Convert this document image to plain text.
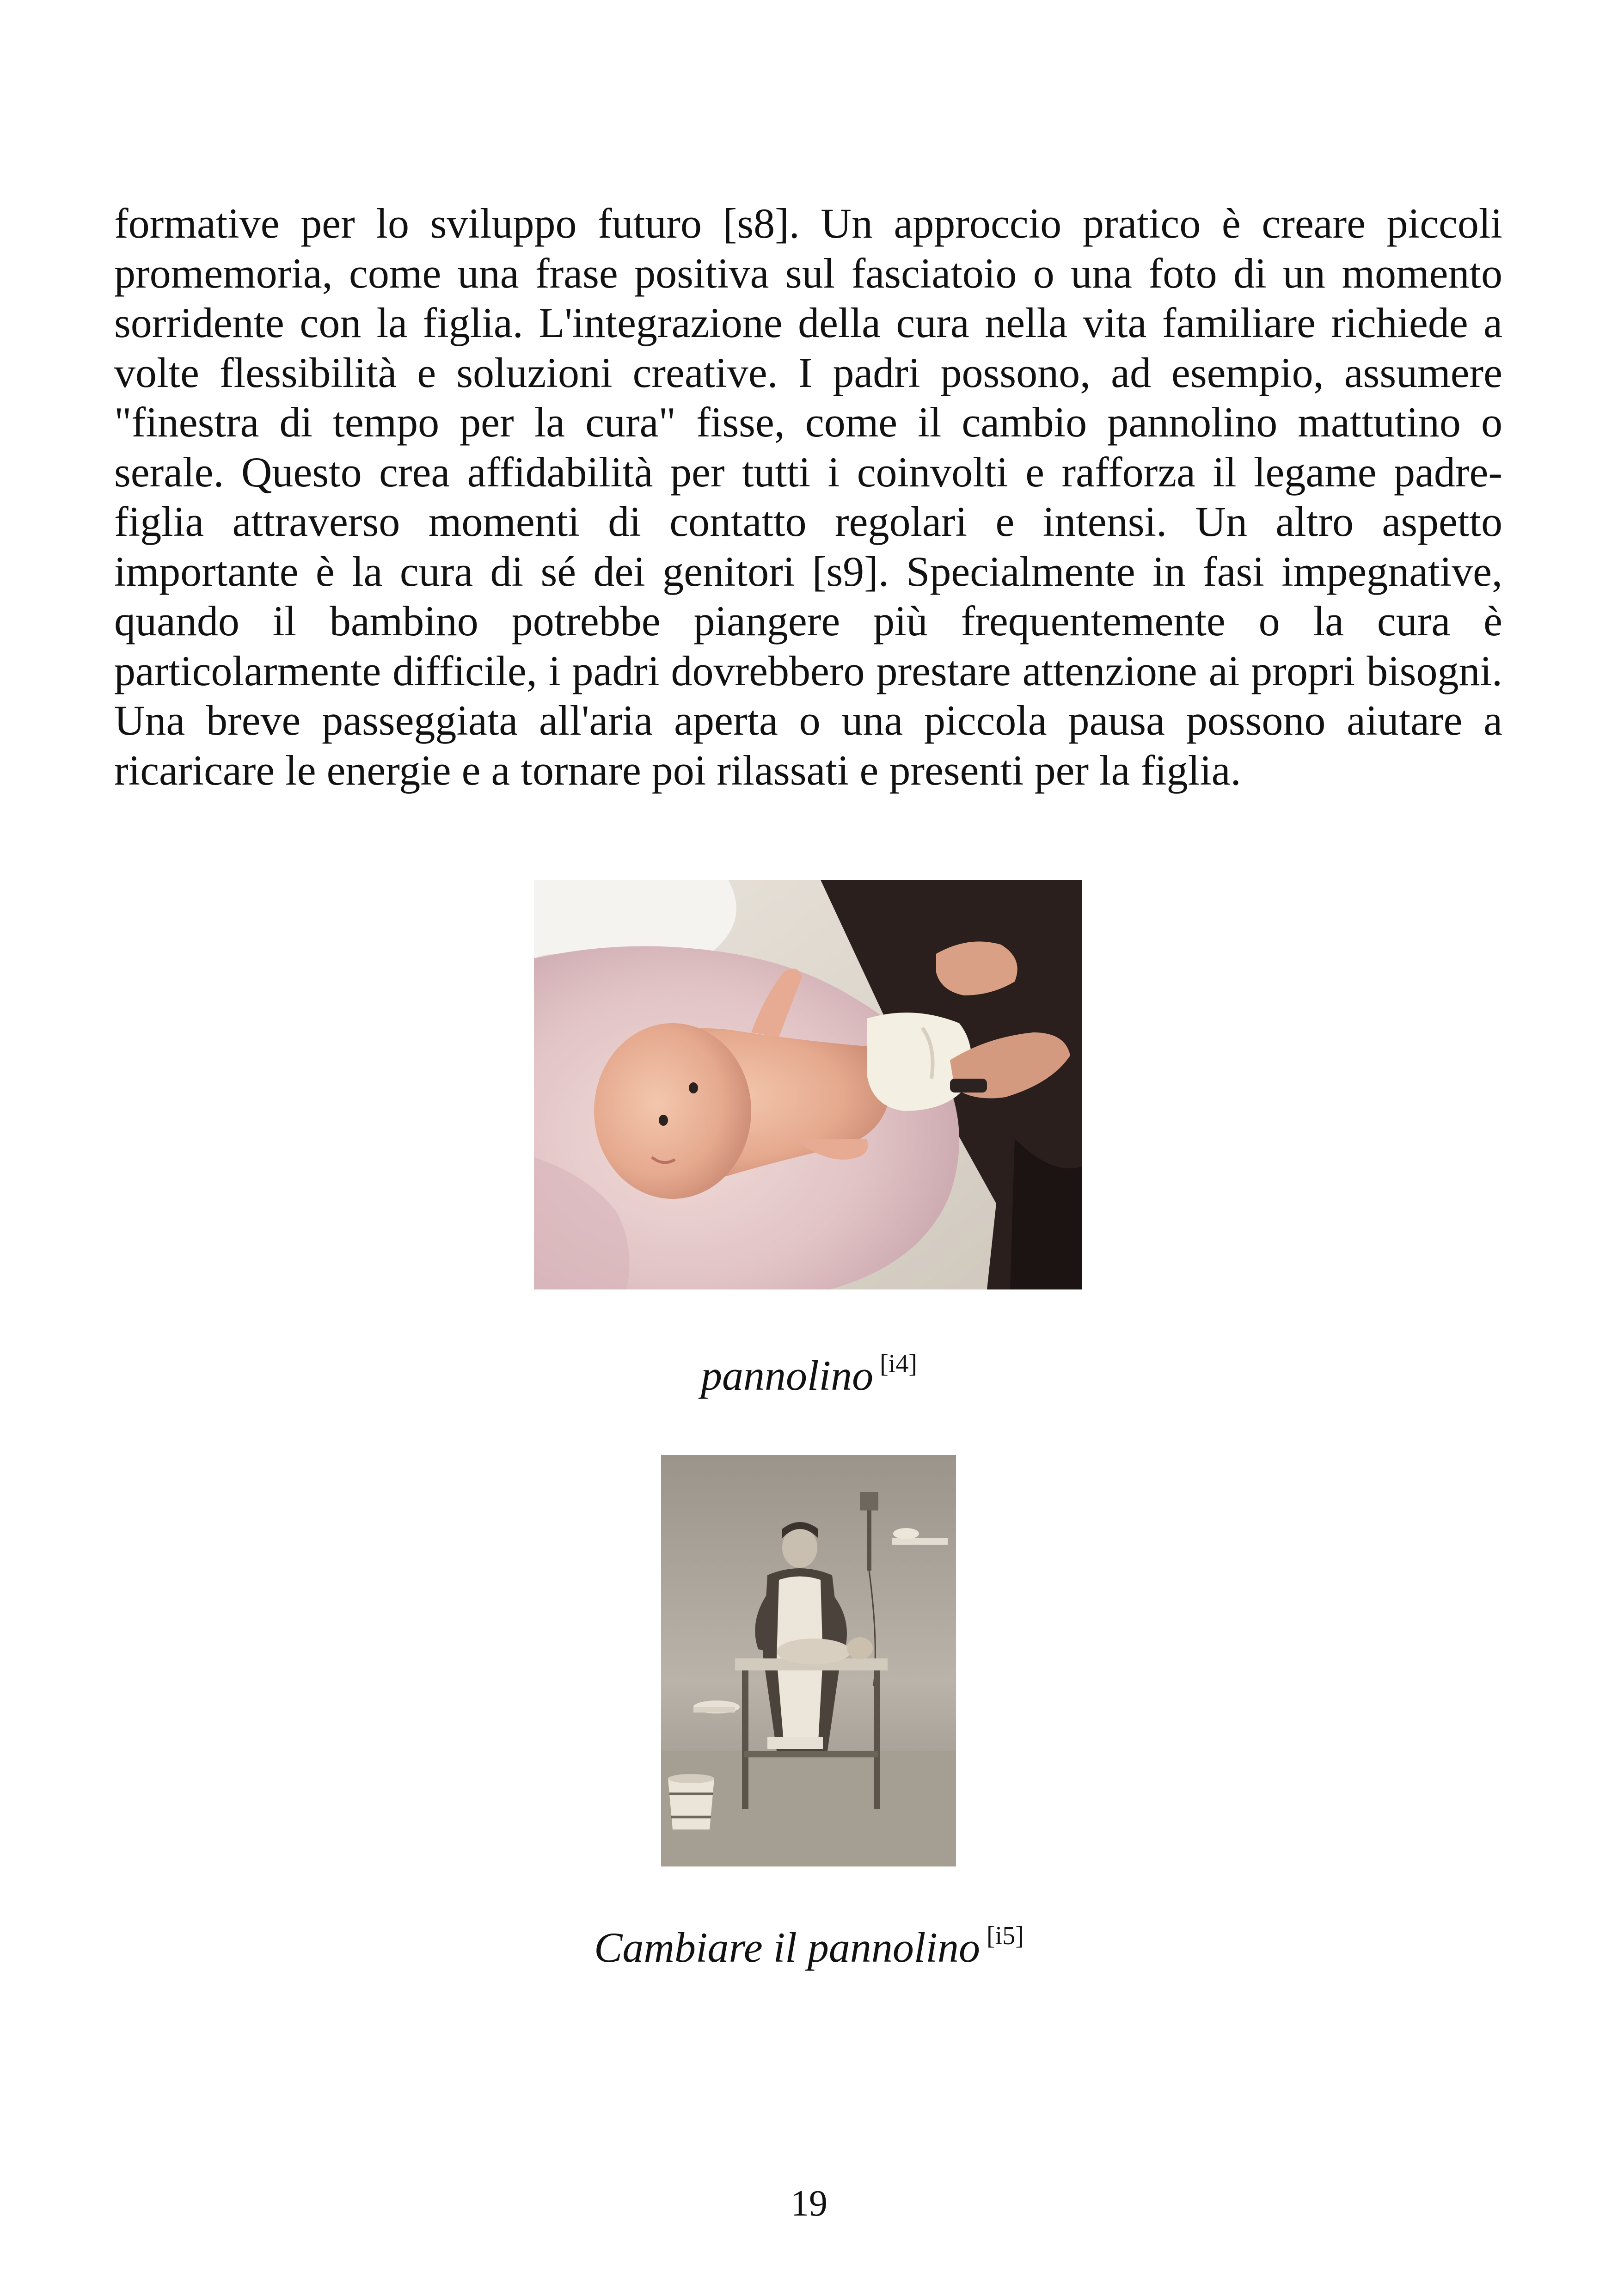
formative per lo sviluppo futuro [s8]. Un approccio pratico è creare piccoli promemoria, come una frase positiva sul fasciatoio o una foto di un momento sorridente con la figlia. L'integrazione della cura nella vita familiare richiede a volte flessibilità e soluzioni creative. I padri possono, ad esempio, assumere "finestra di tempo per la cura" fisse, come il cambio pannolino mattutino o serale. Questo crea affidabilità per tutti i coinvolti e rafforza il legame padre-figlia attraverso momenti di contatto regolari e intensi. Un altro aspetto importante è la cura di sé dei genitori [s9]. Specialmente in fasi impegnative, quando il bambino potrebbe piangere più frequentemente o la cura è particolarmente difficile, i padri dovrebbero prestare attenzione ai propri bisogni. Una breve passeggiata all'aria aperta o una piccola pausa possono aiutare a ricaricare le energie e a tornare poi rilassati e presenti per la figlia.

pannolino [i4]
Cambiare il pannolino [i5]
19
